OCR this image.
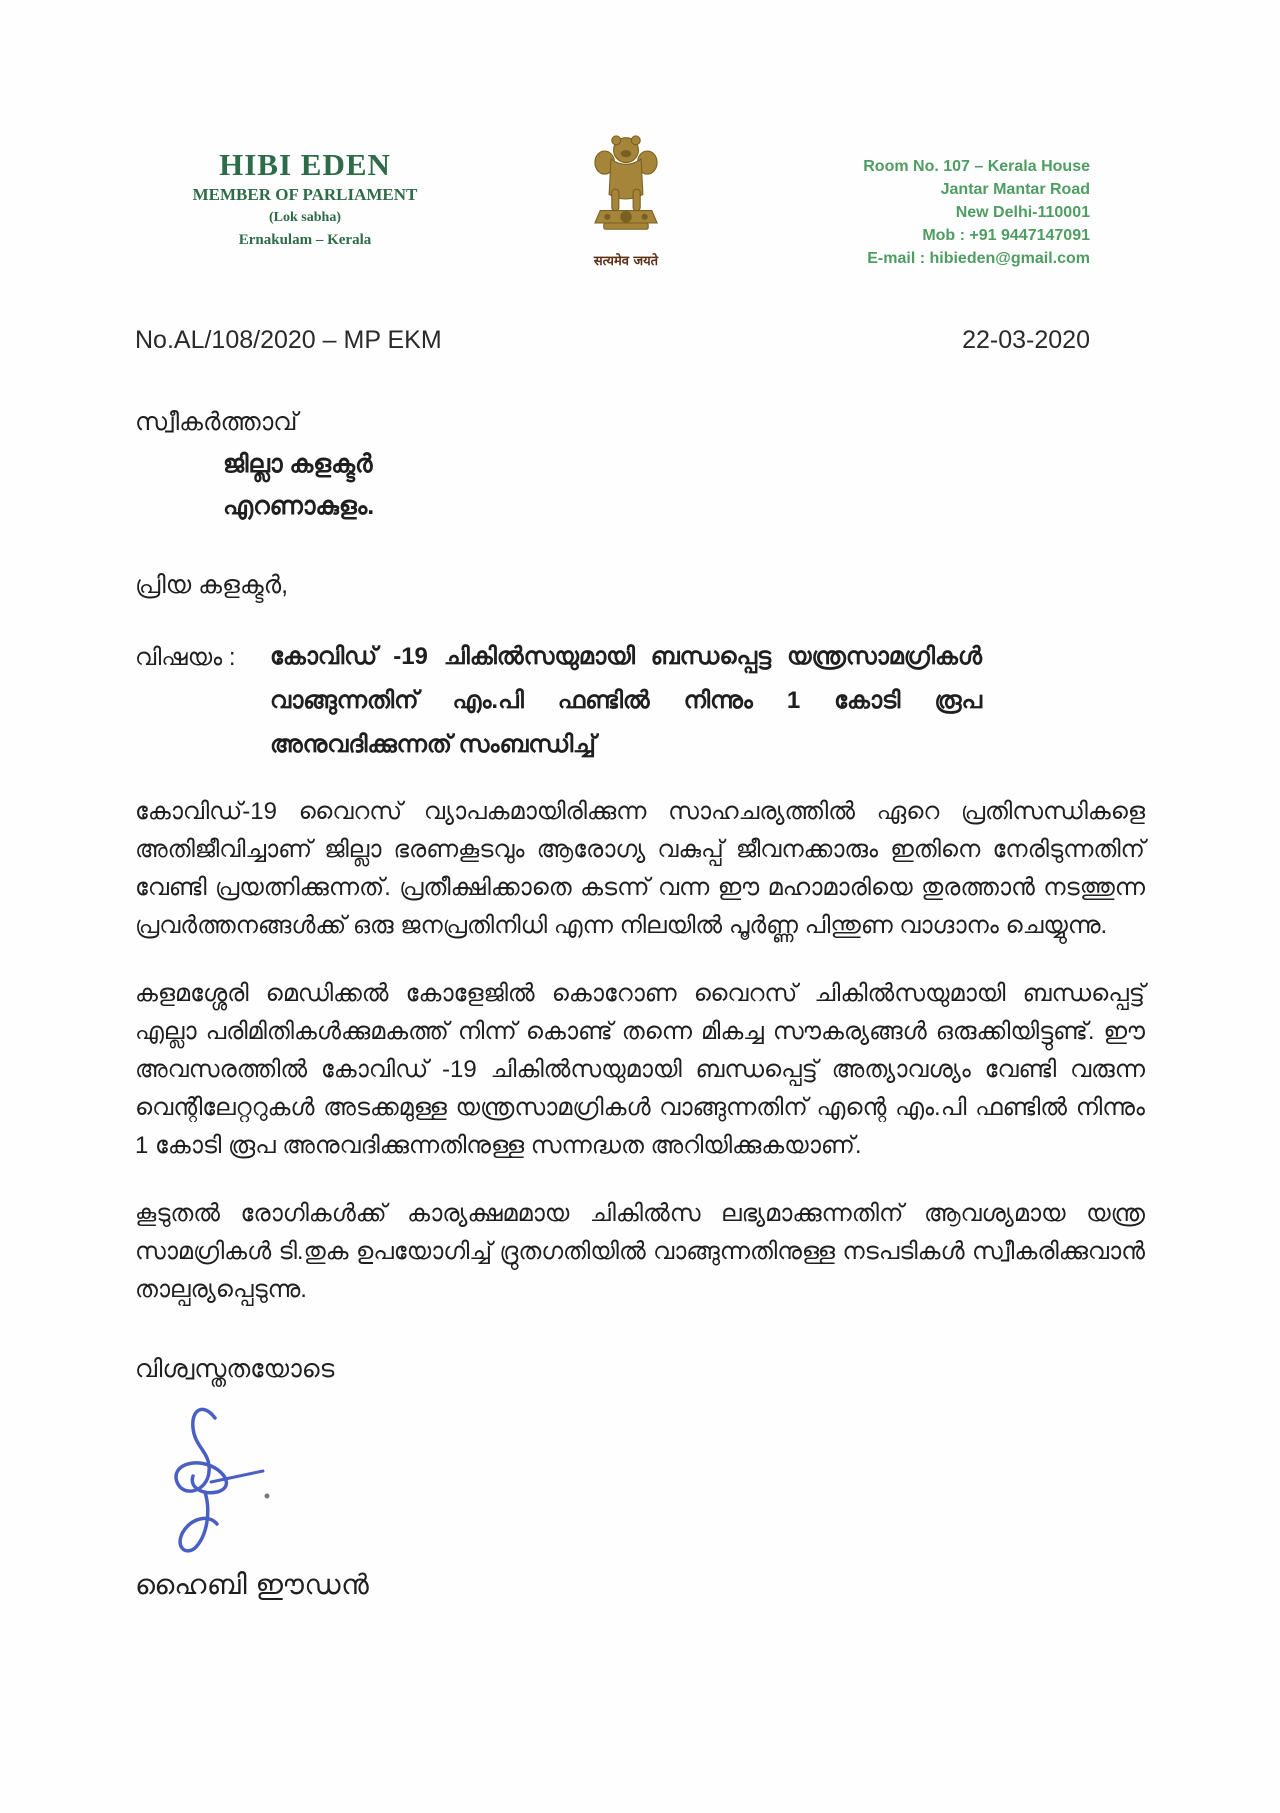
HIBI EDEN
MEMBER OF PARLIAMENT
(Lok sabha)
Ernakulam – Kerala
सत्यमेव जयते
Room No. 107 – Kerala House
Jantar Mantar Road
New Delhi-110001
Mob : +91 9447147091
E-mail : hibieden@gmail.com
No.AL/108/2020 – MP EKM	22-03-2020
സ്വീകർത്താവ്
ജില്ലാ കളക്ടർ
എറണാകുളം.
പ്രിയ കളക്ടർ,
വിഷയം :	കോവിഡ് -19 ചികിൽസയുമായി ബന്ധപ്പെട്ട യന്ത്രസാമഗ്രികൾ വാങ്ങുന്നതിന് എം.പി ഫണ്ടിൽ നിന്നും 1 കോടി രൂപ അനുവദിക്കുന്നത് സംബന്ധിച്ച്
കോവിഡ്-19 വൈറസ് വ്യാപകമായിരിക്കുന്ന സാഹചര്യത്തിൽ ഏറെ പ്രതിസന്ധികളെ അതിജീവിച്ചാണ് ജില്ലാ ഭരണകൂടവും ആരോഗ്യ വകുപ്പ് ജീവനക്കാരും ഇതിനെ നേരിടുന്നതിന് വേണ്ടി പ്രയത്നിക്കുന്നത്. പ്രതീക്ഷിക്കാതെ കടന്ന് വന്ന ഈ മഹാമാരിയെ തുരത്താൻ നടത്തുന്ന പ്രവർത്തനങ്ങൾക്ക് ഒരു ജനപ്രതിനിധി എന്ന നിലയിൽ പൂർണ്ണ പിന്തുണ വാഗ്ദാനം ചെയ്യുന്നു.
കളമശ്ശേരി മെഡിക്കൽ കോളേജിൽ കൊറോണ വൈറസ് ചികിൽസയുമായി ബന്ധപ്പെട്ട് എല്ലാ പരിമിതികൾക്കുമകത്ത് നിന്ന് കൊണ്ട് തന്നെ മികച്ച സൗകര്യങ്ങൾ ഒരുക്കിയിട്ടുണ്ട്. ഈ അവസരത്തിൽ കോവിഡ് -19 ചികിൽസയുമായി ബന്ധപ്പെട്ട് അത്യാവശ്യം വേണ്ടി വരുന്ന വെന്റിലേറ്ററുകൾ അടക്കമുള്ള യന്ത്രസാമഗ്രികൾ വാങ്ങുന്നതിന് എന്റെ എം.പി ഫണ്ടിൽ നിന്നും 1 കോടി രൂപ അനുവദിക്കുന്നതിനുള്ള സന്നദ്ധത അറിയിക്കുകയാണ്.
കൂടുതൽ രോഗികൾക്ക് കാര്യക്ഷമമായ ചികിൽസ ലഭ്യമാക്കുന്നതിന് ആവശ്യമായ യന്ത്ര സാമഗ്രികൾ ടി.തുക ഉപയോഗിച്ച് ദ്രുതഗതിയിൽ വാങ്ങുന്നതിനുള്ള നടപടികൾ സ്വീകരിക്കുവാൻ താല്പര്യപ്പെടുന്നു.
വിശ്വസ്തതയോടെ
ഹൈബി ഈഡൻ
